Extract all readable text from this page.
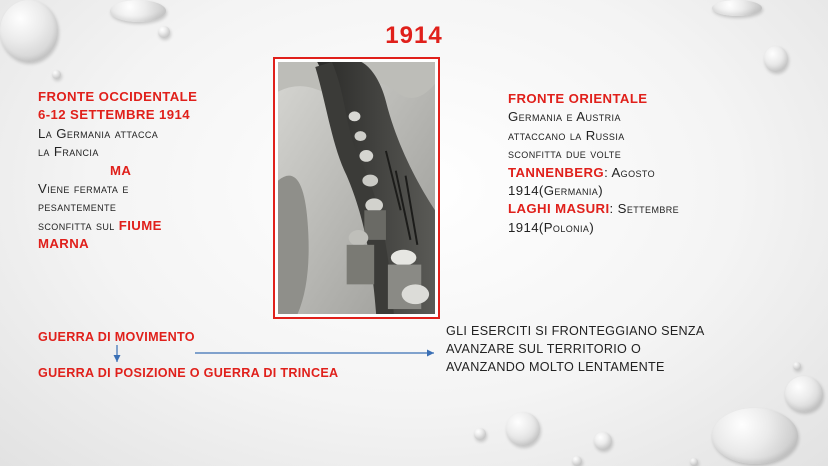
1914
FRONTE OCCIDENTALE
6-12 SETTEMBRE 1914
La Germania attacca
la Francia
MA
Viene fermata e
pesantemente
sconfitta sul FIUME
MARNA
FRONTE ORIENTALE
Germania e Austria
attaccano la Russia
sconfitta due volte
TANNENBERG: Agosto
1914(Germania)
LAGHI MASURI: Settembre
1914(Polonia)
GUERRA DI MOVIMENTO
GUERRA DI POSIZIONE O GUERRA DI TRINCEA
GLI ESERCITI SI FRONTEGGIANO SENZA
AVANZARE SUL TERRITORIO O
AVANZANDO MOLTO LENTAMENTE
